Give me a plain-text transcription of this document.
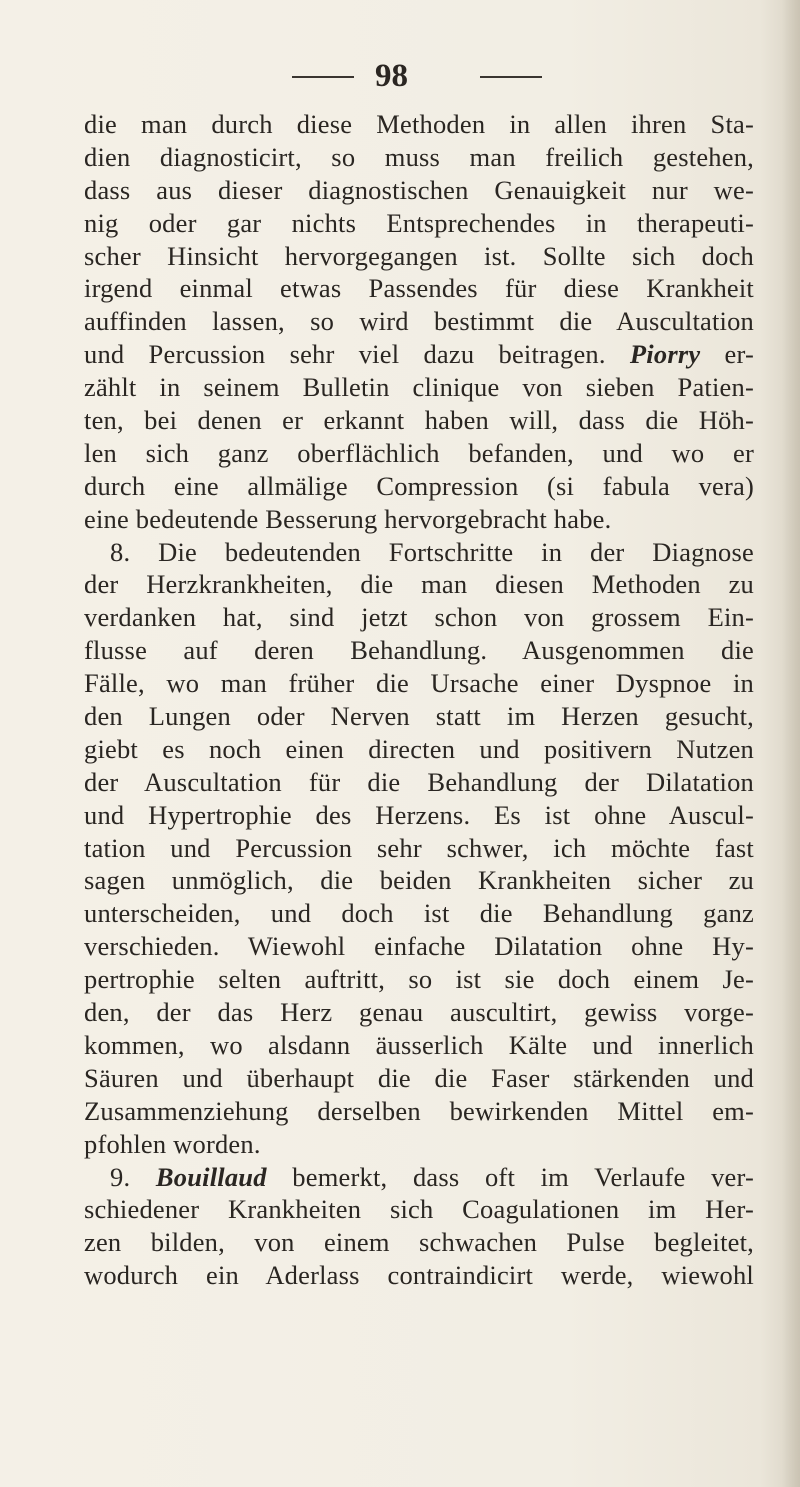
98
die man durch diese Methoden in allen ihren Sta-
dien diagnosticirt, so muss man freilich gestehen,
dass aus dieser diagnostischen Genauigkeit nur we-
nig oder gar nichts Entsprechendes in therapeuti-
scher Hinsicht hervorgegangen ist. Sollte sich doch
irgend einmal etwas Passendes für diese Krankheit
auffinden lassen, so wird bestimmt die Auscultation
und Percussion sehr viel dazu beitragen. Piorry er-
zählt in seinem Bulletin clinique von sieben Patien-
ten, bei denen er erkannt haben will, dass die Höh-
len sich ganz oberflächlich befanden, und wo er
durch eine allmälige Compression (si fabula vera)
eine bedeutende Besserung hervorgebracht habe.
8. Die bedeutenden Fortschritte in der Diagnose
der Herzkrankheiten, die man diesen Methoden zu
verdanken hat, sind jetzt schon von grossem Ein-
flusse auf deren Behandlung. Ausgenommen die
Fälle, wo man früher die Ursache einer Dyspnoe in
den Lungen oder Nerven statt im Herzen gesucht,
giebt es noch einen directen und positivern Nutzen
der Auscultation für die Behandlung der Dilatation
und Hypertrophie des Herzens. Es ist ohne Auscul-
tation und Percussion sehr schwer, ich möchte fast
sagen unmöglich, die beiden Krankheiten sicher zu
unterscheiden, und doch ist die Behandlung ganz
verschieden. Wiewohl einfache Dilatation ohne Hy-
pertrophie selten auftritt, so ist sie doch einem Je-
den, der das Herz genau auscultirt, gewiss vorge-
kommen, wo alsdann äusserlich Kälte und innerlich
Säuren und überhaupt die die Faser stärkenden und
Zusammenziehung derselben bewirkenden Mittel em-
pfohlen worden.
9. Bouillaud bemerkt, dass oft im Verlaufe ver-
schiedener Krankheiten sich Coagulationen im Her-
zen bilden, von einem schwachen Pulse begleitet,
wodurch ein Aderlass contraindicirt werde, wiewohl
